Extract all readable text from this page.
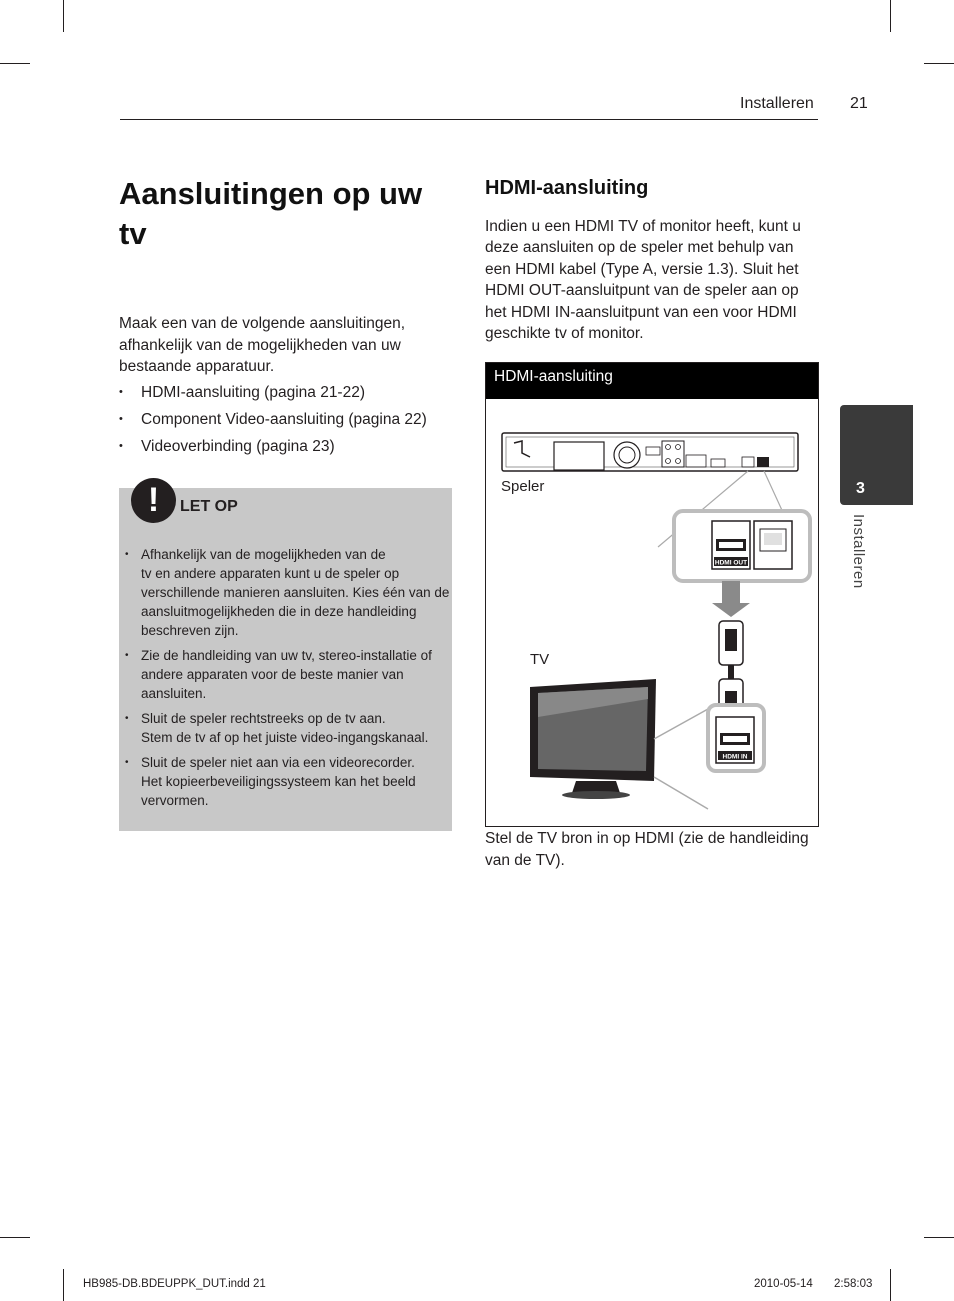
Installeren 21
Aansluitingen op uw tv

Maak een van de volgende aansluitingen, afhankelijk van de mogelijkheden van uw bestaande apparatuur.

• HDMI-aansluiting (pagina 21-22)
• Component Video-aansluiting (pagina 22)
• Videoverbinding (pagina 23)
!	LET OP
• Afhankelijk van de mogelijkheden van de
tv en andere apparaten kunt u de speler op verschillende manieren aansluiten. Kies één van de aansluitmogelijkheden die in deze handleiding beschreven zijn.
• Zie de handleiding van uw tv, stereo-installatie of andere apparaten voor de beste manier van aansluiten.
• Sluit de speler rechtstreeks op de tv aan.
Stem de tv af op het juiste video-ingangskanaal.
• Sluit de speler niet aan via een videorecorder.
Het kopieerbeveiligingssysteem kan het beeld vervormen.
HDMI-aansluiting

Indien u een HDMI TV of monitor heeft, kunt u deze aansluiten op de speler met behulp van een HDMI kabel (Type A, versie 1.3). Sluit het HDMI OUT-aansluitpunt van de speler aan op het HDMI IN-aansluitpunt van een voor HDMI geschikte tv of monitor.

HDMI-aansluiting
HDMI OUT
HDMI IN
Speler
TV

Stel de TV bron in op HDMI (zie de handleiding van de TV).

3
Installeren
HB985-DB.BDEUPPK_DUT.indd 21	2010-05-14 2:58:03
